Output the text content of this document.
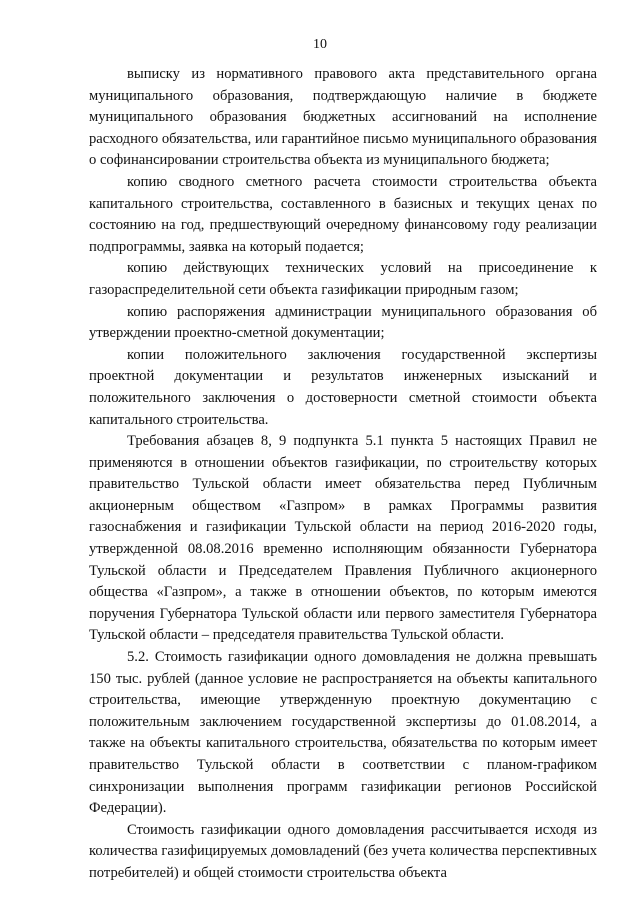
10

выписку из нормативного правового акта представительного органа муниципального образования, подтверждающую наличие в бюджете муниципального образования бюджетных ассигнований на исполнение расходного обязательства, или гарантийное письмо муниципального образования о софинансировании строительства объекта из муниципального бюджета;

копию сводного сметного расчета стоимости строительства объекта капитального строительства, составленного в базисных и текущих ценах по состоянию на год, предшествующий очередному финансовому году реализации подпрограммы, заявка на который подается;

копию действующих технических условий на присоединение к газораспределительной сети объекта газификации природным газом;

копию распоряжения администрации муниципального образования об утверждении проектно-сметной документации;

копии положительного заключения государственной экспертизы проектной документации и результатов инженерных изысканий и положительного заключения о достоверности сметной стоимости объекта капитального строительства.

Требования абзацев 8, 9 подпункта 5.1 пункта 5 настоящих Правил не применяются в отношении объектов газификации, по строительству которых правительство Тульской области имеет обязательства перед Публичным акционерным обществом «Газпром» в рамках Программы развития газоснабжения и газификации Тульской области на период 2016-2020 годы, утвержденной 08.08.2016 временно исполняющим обязанности Губернатора Тульской области и Председателем Правления Публичного акционерного общества «Газпром», а также в отношении объектов, по которым имеются поручения Губернатора Тульской области или первого заместителя Губернатора Тульской области – председателя правительства Тульской области.

5.2. Стоимость газификации одного домовладения не должна превышать 150 тыс. рублей (данное условие не распространяется на объекты капитального строительства, имеющие утвержденную проектную документацию с положительным заключением государственной экспертизы до 01.08.2014, а также на объекты капитального строительства, обязательства по которым имеет правительство Тульской области в соответствии с планом-графиком синхронизации выполнения программ газификации регионов Российской Федерации).

Стоимость газификации одного домовладения рассчитывается исходя из количества газифицируемых домовладений (без учета количества перспективных потребителей) и общей стоимости строительства объекта
